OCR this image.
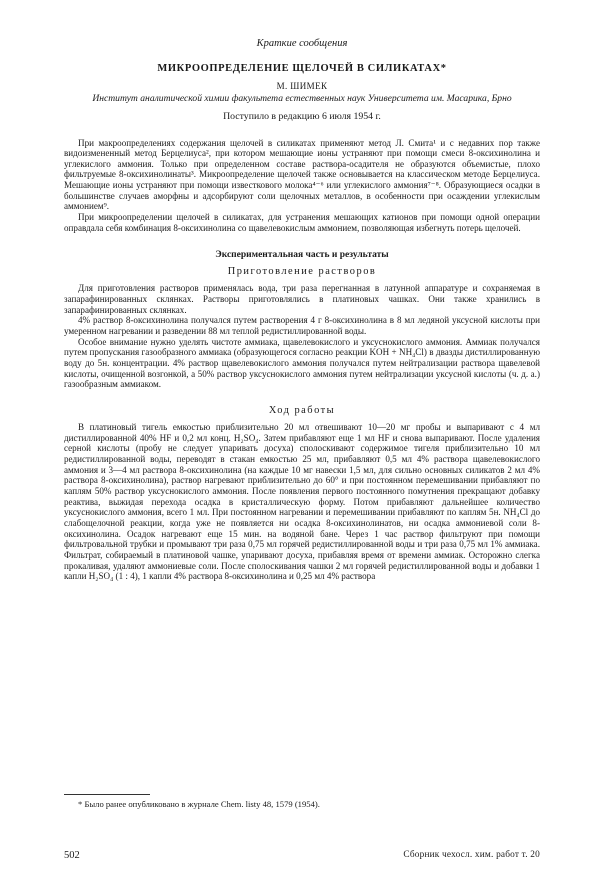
Краткие сообщения
МИКРООПРЕДЕЛЕНИЕ ЩЕЛОЧЕЙ В СИЛИКАТАХ*
М. ШИМЕК
Институт аналитической химии факультета естественных наук Университета им. Масарика, Брно
Поступило в редакцию 6 июля 1954 г.

При макроопределениях содержания щелочей в силикатах применяют метод Л. Смита¹ и с недавних пор также видоизмененный метод Берцелиуса², при котором мешающие ионы устраняют при помощи смеси 8-оксихинолина и углекислого аммония. Только при определенном составе раствора-осадителя не образуются объемистые, плохо фильтруемые 8-оксихинолинаты³. Микроопределение щелочей также основывается на классическом методе Берцелиуса. Мешающие ионы устраняют при помощи известкового молока⁴⁻⁶ или углекислого аммония⁷⁻⁸. Образующиеся осадки в большинстве случаев аморфны и адсорбируют соли щелочных металлов, в особенности при осаждении углекислым аммонием⁹.

При микроопределении щелочей в силикатах, для устранения мешающих катионов при помощи одной операции оправдала себя комбинация 8-оксихинолина со щавелевокислым аммонием, позволяющая избегнуть потерь щелочей.

Экспериментальная часть и результаты
Приготовление растворов

Для приготовления растворов применялась вода, три раза перегнанная в латунной аппаратуре и сохраняемая в запарафинированных склянках. Растворы приготовлялись в платиновых чашках. Они также хранились в запарафинированных склянках.

4% раствор 8-оксихинолина получался путем растворения 4 г 8-оксихинолина в 8 мл ледяной уксусной кислоты при умеренном нагревании и разведении 88 мл теплой редистиллированной воды.

Особое внимание нужно уделять чистоте аммиака, щавелевокислого и уксуснокислого аммония. Аммиак получался путем пропускания газообразного аммиака (образующегося согласно реакции KOH + NH₄Cl) в двазды дистиллированную воду до 5н. концентрации. 4% раствор щавелевокислого аммония получался путем нейтрализации раствора щавелевой кислоты, очищенной возгонкой, а 50% раствор уксуснокислого аммония путем нейтрализации уксусной кислоты (ч. д. а.) газообразным аммиаком.

Ход работы

В платиновый тигель емкостью приблизительно 20 мл отвешивают 10—20 мг пробы и выпаривают с 4 мл дистиллированной 40% HF и 0,2 мл конц. H₂SO₄. Затем прибавляют еще 1 мл HF и снова выпаривают. После удаления серной кислоты (пробу не следует упаривать досуха) сполоскивают содержимое тигеля приблизительно 10 мл редистиллированной воды, переводят в стакан емкостью 25 мл, прибавляют 0,5 мл 4% раствора щавелевокислого аммония и 3—4 мл раствора 8-оксихинолина (на каждые 10 мг навески 1,5 мл, для сильно основных силикатов 2 мл 4% раствора 8-оксихинолина), раствор нагревают приблизительно до 60° и при постоянном перемешивании прибавляют по каплям 50% раствор уксуснокислого аммония. После появления первого постоянного помутнения прекращают добавку реактива, выжидая перехода осадка в кристаллическую форму. Потом прибавляют дальнейшее количество уксуснокислого аммония, всего 1 мл. При постоянном нагревании и перемешивании прибавляют по каплям 5н. NH₄Cl до слабощелочной реакции, когда уже не появляется ни осадка 8-оксихинолинатов, ни осадка аммониевой соли 8-оксихинолина. Осадок нагревают еще 15 мин. на водяной бане. Через 1 час раствор фильтруют при помощи фильтровальной трубки и промывают три раза 0,75 мл горячей редистиллированной воды и три раза 0,75 мл 1% аммиака. Фильтрат, собираемый в платиновой чашке, упаривают досуха, прибавляя время от времени аммиак. Осторожно слегка прокаливая, удаляют аммониевые соли. После сполоскивания чашки 2 мл горячей редистиллированной воды и добавки 1 капли H₂SO₄ (1 : 4), 1 капли 4% раствора 8-оксихинолина и 0,25 мл 4% раствора

* Было ранее опубликовано в журнале Chem. listy 48, 1579 (1954).
502	Сборник чехосл. хим. работ т. 20
